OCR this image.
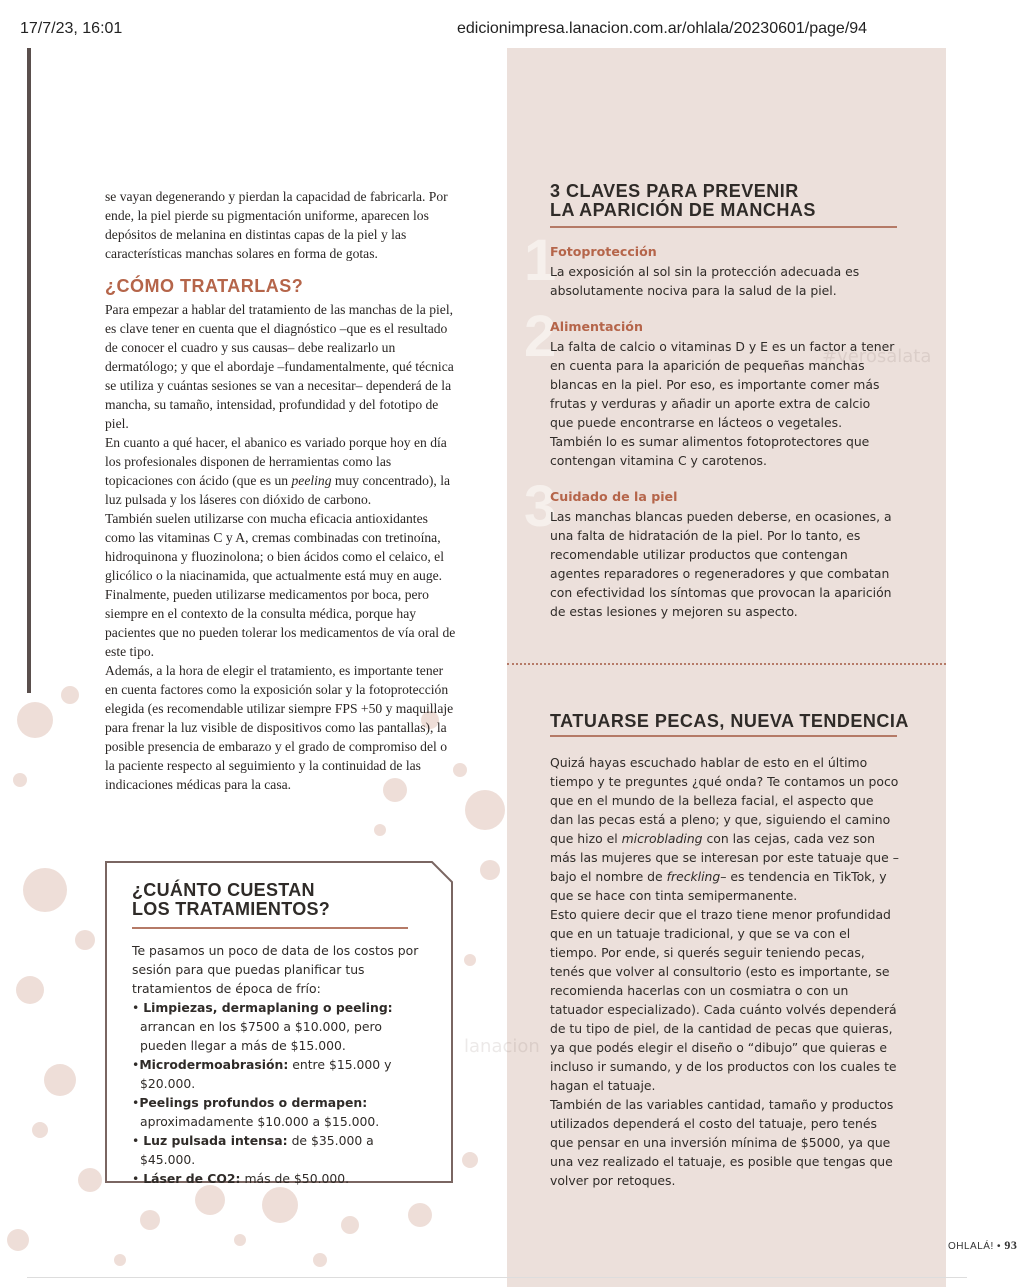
17/7/23, 16:01	edicionimpresa.lanacion.com.ar/ohlala/20230601/page/94

se vayan degenerando y pierdan la capacidad de fabricarla. Por ende, la piel pierde su pigmentación uniforme, aparecen los depósitos de melanina en distintas capas de la piel y las características manchas solares en forma de gotas.

¿CÓMO TRATARLAS?

Para empezar a hablar del tratamiento de las manchas de la piel, es clave tener en cuenta que el diagnóstico –que es el resultado de conocer el cuadro y sus causas– debe realizarlo un dermatólogo; y que el abordaje –fundamentalmente, qué técnica se utiliza y cuántas sesiones se van a necesitar– dependerá de la mancha, su tamaño, intensidad, profundidad y del fototipo de piel.

En cuanto a qué hacer, el abanico es variado porque hoy en día los profesionales disponen de herramientas como las topicaciones con ácido (que es un peeling muy concentrado), la luz pulsada y los láseres con dióxido de carbono.

También suelen utilizarse con mucha eficacia antioxidantes como las vitaminas C y A, cremas combinadas con tretinoína, hidroquinona y fluozinolona; o bien ácidos como el celaico, el glicólico o la niacinamida, que actualmente está muy en auge.

Finalmente, pueden utilizarse medicamentos por boca, pero siempre en el contexto de la consulta médica, porque hay pacientes que no pueden tolerar los medicamentos de vía oral de este tipo.

Además, a la hora de elegir el tratamiento, es importante tener en cuenta factores como la exposición solar y la fotoprotección elegida (es recomendable utilizar siempre FPS +50 y maquillaje para frenar la luz visible de dispositivos como las pantallas), la posible presencia de embarazo y el grado de compromiso del o la paciente respecto al seguimiento y la continuidad de las indicaciones médicas para la casa.

¿CUÁNTO CUESTAN
LOS TRATAMIENTOS?

Te pasamos un poco de data de los costos por sesión para que puedas planificar tus tratamientos de época de frío:

• Limpiezas, dermaplaning o peeling: arrancan en los $7500 a $10.000, pero pueden llegar a más de $15.000.
•Microdermoabrasión: entre $15.000 y $20.000.
•Peelings profundos o dermapen: aproximadamente $10.000 a $15.000.
• Luz pulsada intensa: de $35.000 a $45.000.
• Láser de CO2: más de $50.000.
3 CLAVES PARA PREVENIR
LA APARICIÓN DE MANCHAS
1
Fotoprotección

La exposición al sol sin la protección adecuada es absolutamente nociva para la salud de la piel.

2
Alimentación

La falta de calcio o vitaminas D y E es un factor a tener en cuenta para la aparición de pequeñas manchas blancas en la piel. Por eso, es importante comer más frutas y verduras y añadir un aporte extra de calcio que puede encontrarse en lácteos o vegetales. También lo es sumar alimentos fotoprotectores que contengan vitamina C y carotenos.

3
Cuidado de la piel

Las manchas blancas pueden deberse, en ocasiones, a una falta de hidratación de la piel. Por lo tanto, es recomendable utilizar productos que contengan agentes reparadores o regeneradores y que combatan con efectividad los síntomas que provocan la aparición de estas lesiones y mejoren su aspecto.

TATUARSE PECAS, NUEVA TENDENCIA

Quizá hayas escuchado hablar de esto en el último tiempo y te preguntes ¿qué onda? Te contamos un poco que en el mundo de la belleza facial, el aspecto que dan las pecas está a pleno; y que, siguiendo el camino que hizo el microblading con las cejas, cada vez son más las mujeres que se interesan por este tatuaje que –bajo el nombre de freckling– es tendencia en TikTok, y que se hace con tinta semipermanente.

Esto quiere decir que el trazo tiene menor profundidad que en un tatuaje tradicional, y que se va con el tiempo. Por ende, si querés seguir teniendo pecas, tenés que volver al consultorio (esto es importante, se recomienda hacerlas con un cosmiatra o con un tatuador especializado). Cada cuánto volvés dependerá de tu tipo de piel, de la cantidad de pecas que quieras, ya que podés elegir el diseño o “dibujo” que quieras e incluso ir sumando, y de los productos con los cuales te hagan el tatuaje.

También de las variables cantidad, tamaño y productos utilizados dependerá el costo del tatuaje, pero tenés que pensar en una inversión mínima de $5000, ya que una vez realizado el tatuaje, es posible que tengas que volver por retoques.

lanacion
#verosalata
OHLALÁ! • 93
